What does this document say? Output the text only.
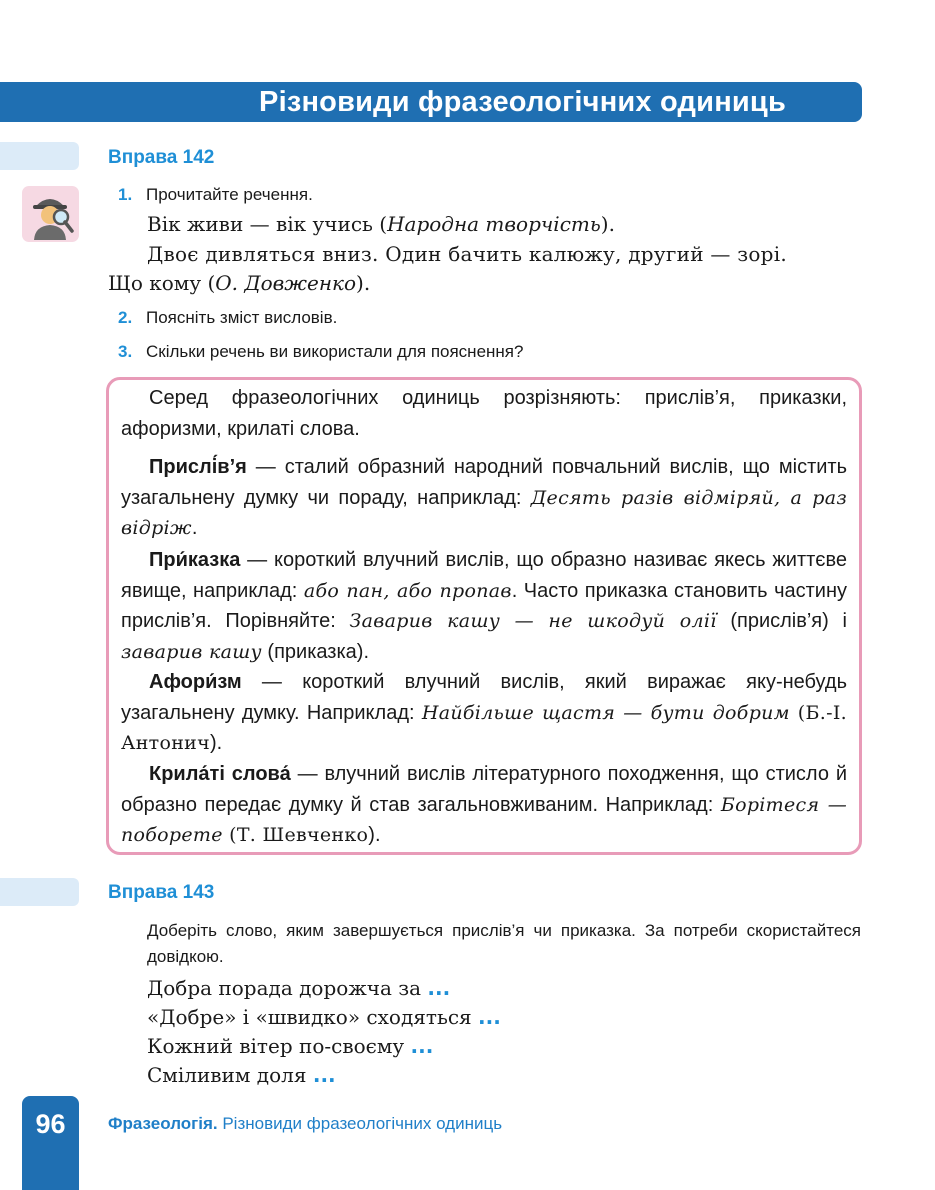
Різновиди фразеологічних одиниць
Вправа 142
1. Прочитайте речення.
Вік живи — вік учись (Народна творчість).
Двоє дивляться вниз. Один бачить калюжу, другий — зорі.
Що кому (О. Довженко).
2. Поясніть зміст висловів.
3. Скільки речень ви використали для пояснення?

Серед фразеологічних одиниць розрізняють: прислів’я, приказки, афоризми, крилаті слова.

Прислі́в’я — сталий образний народний повчальний вислів, що містить узагальнену думку чи пораду, наприклад: Десять разів відміряй, а раз відріж.

При́казка — короткий влучний вислів, що образно називає якесь життєве явище, наприклад: або пан, або пропав. Часто приказка становить частину прислів’я. Порівняйте: Заварив кашу — не шкодуй олії (прислів’я) і заварив кашу (приказка).

Афори́зм — короткий влучний вислів, який виражає яку-небудь узагальнену думку. Наприклад: Найбільше щастя — бути добрим (Б.-І. Антонич).

Крила́ті слова́ — влучний вислів літературного походження, що стисло й образно передає думку й став загальновживаним. Наприклад: Борітеся — поборете (Т. Шевченко).

Вправа 143
Доберіть слово, яким завершується прислів’я чи приказка. За потреби скористайтеся довідкою.
Добра порада дорожча за ...
«Добре» і «швидко» сходяться ...
Кожний вітер по-своєму ...
Сміливим доля ...
96	Фразеологія. Різновиди фразеологічних одиниць
